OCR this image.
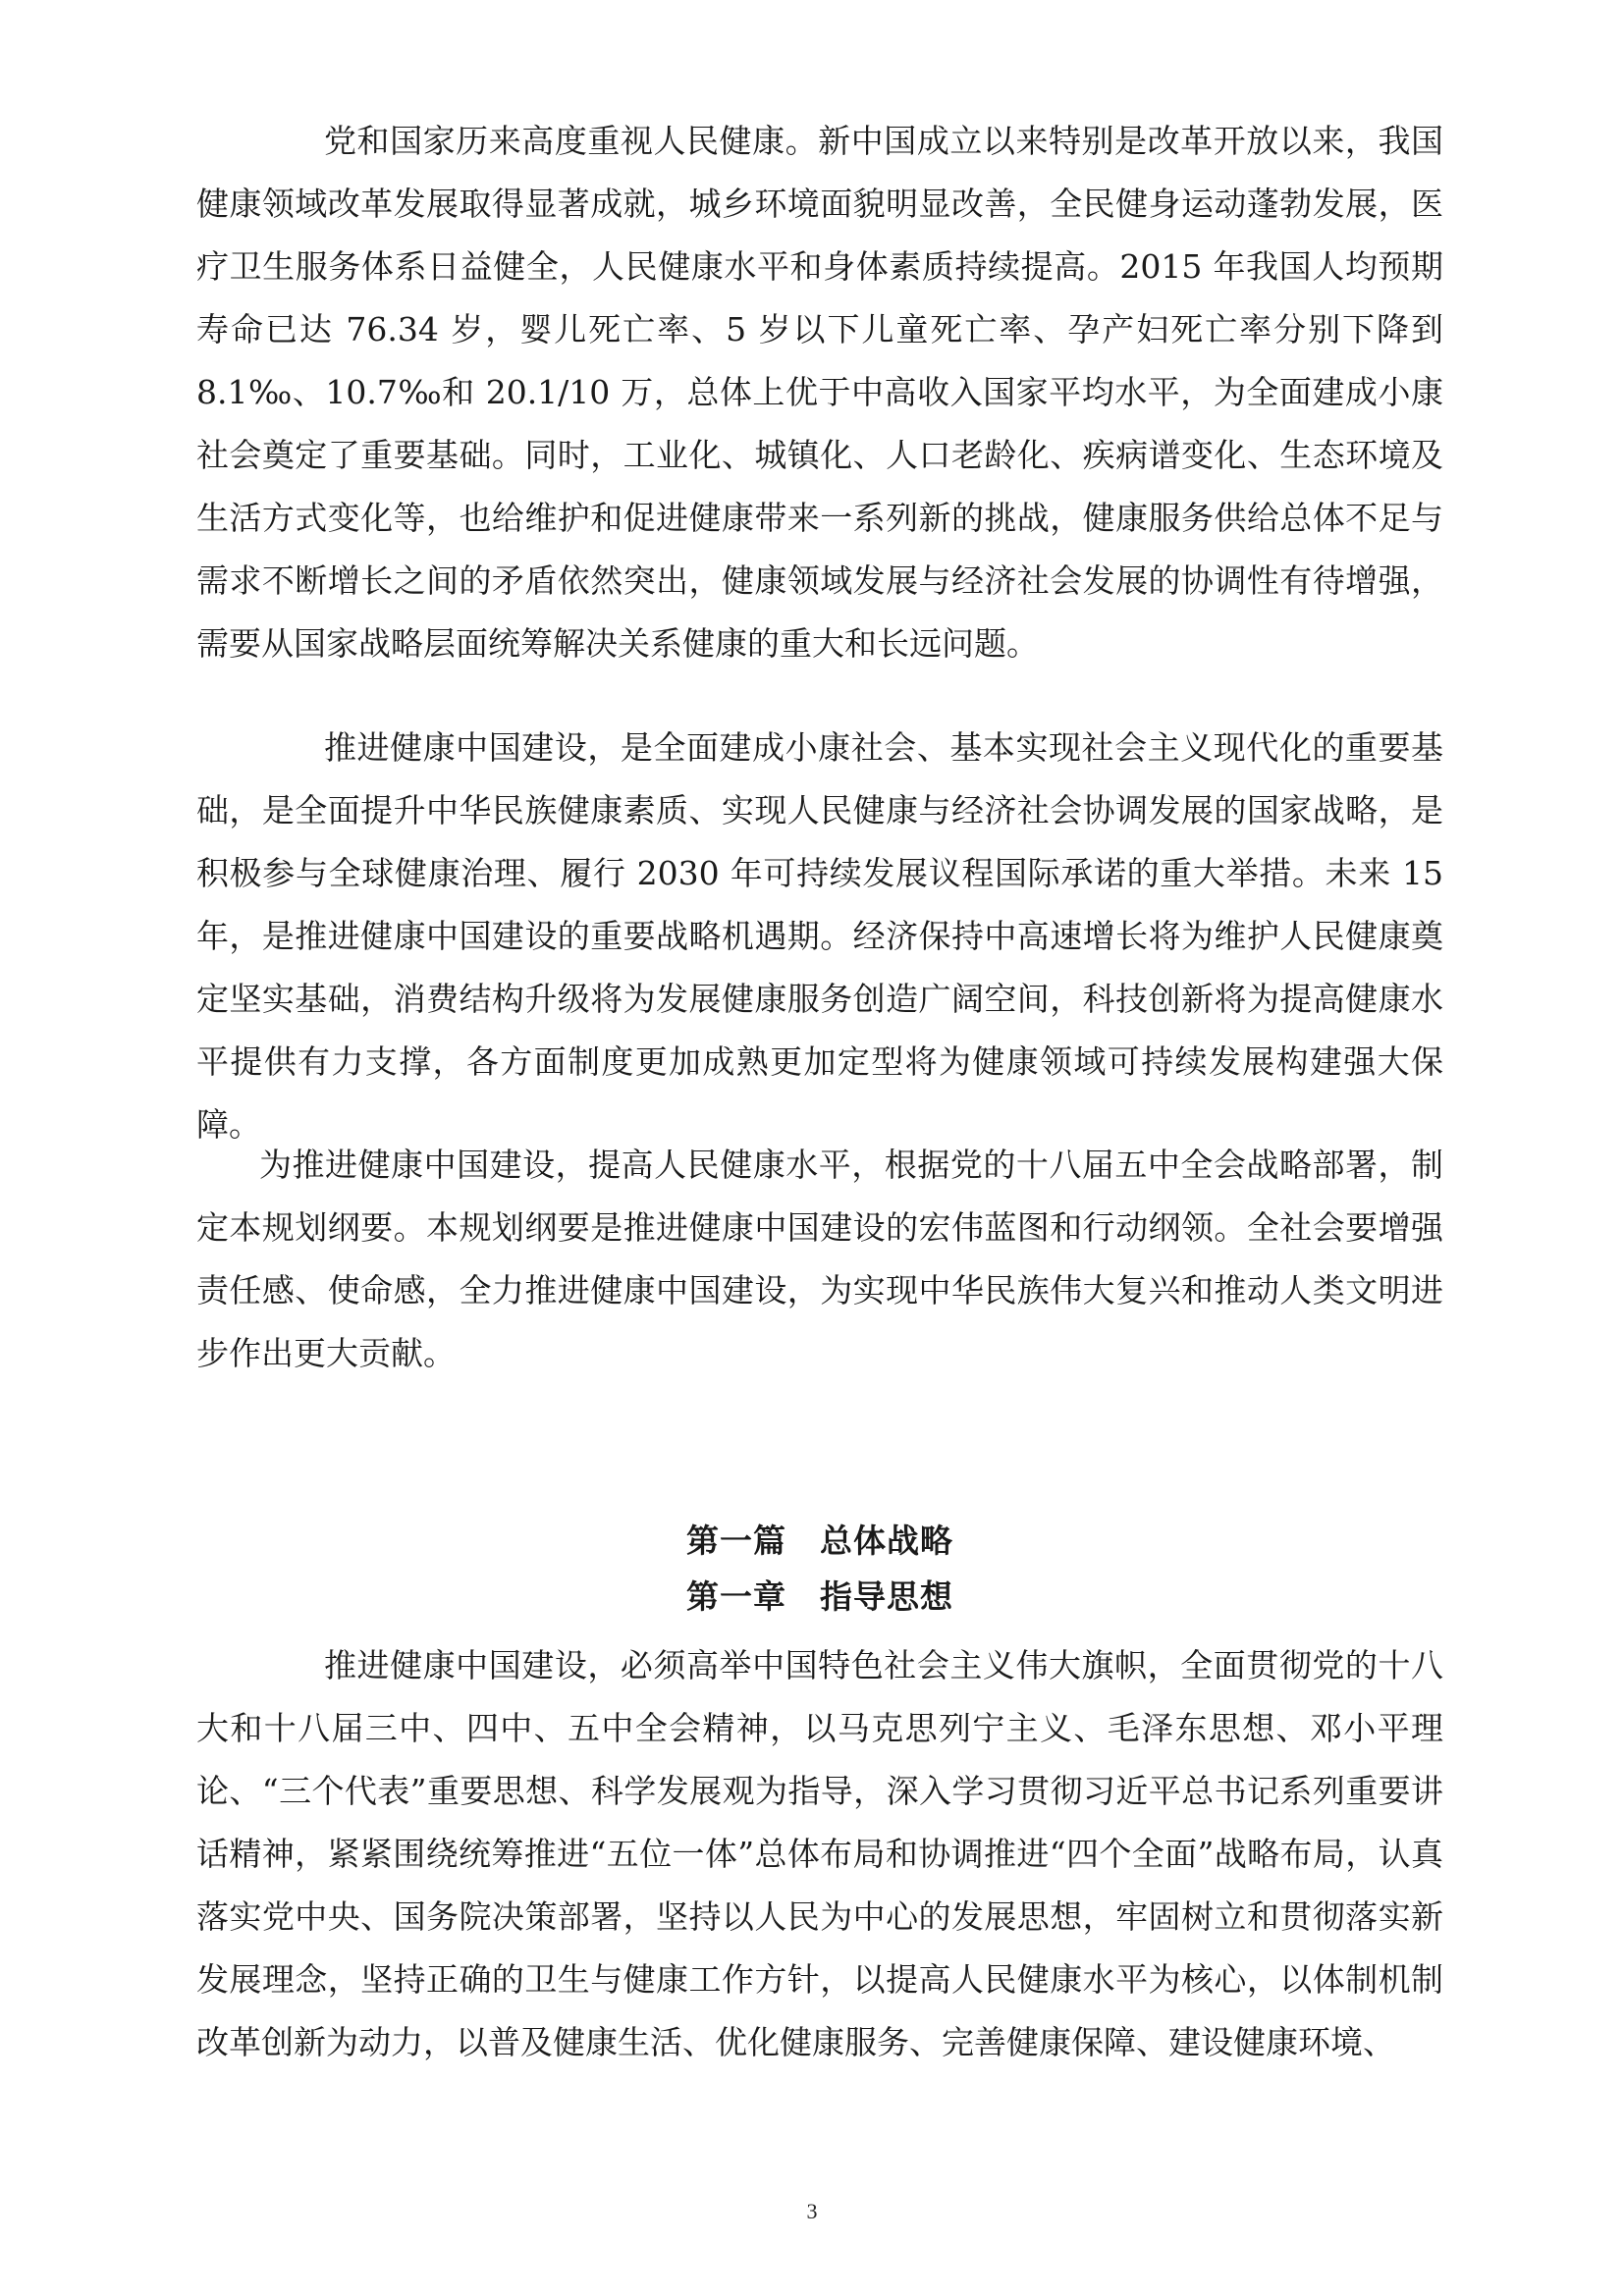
党和国家历来高度重视人民健康。新中国成立以来特别是改革开放以来，我国健康领域改革发展取得显著成就，城乡环境面貌明显改善，全民健身运动蓬勃发展，医疗卫生服务体系日益健全，人民健康水平和身体素质持续提高。2015 年我国人均预期寿命已达 76.34 岁，婴儿死亡率、5 岁以下儿童死亡率、孕产妇死亡率分别下降到 8.1‰、10.7‰和 20.1/10 万，总体上优于中高收入国家平均水平，为全面建成小康社会奠定了重要基础。同时，工业化、城镇化、人口老龄化、疾病谱变化、生态环境及生活方式变化等，也给维护和促进健康带来一系列新的挑战，健康服务供给总体不足与需求不断增长之间的矛盾依然突出，健康领域发展与经济社会发展的协调性有待增强，需要从国家战略层面统筹解决关系健康的重大和长远问题。

推进健康中国建设，是全面建成小康社会、基本实现社会主义现代化的重要基础，是全面提升中华民族健康素质、实现人民健康与经济社会协调发展的国家战略，是积极参与全球健康治理、履行 2030 年可持续发展议程国际承诺的重大举措。未来 15 年，是推进健康中国建设的重要战略机遇期。经济保持中高速增长将为维护人民健康奠定坚实基础，消费结构升级将为发展健康服务创造广阔空间，科技创新将为提高健康水平提供有力支撑，各方面制度更加成熟更加定型将为健康领域可持续发展构建强大保障。

为推进健康中国建设，提高人民健康水平，根据党的十八届五中全会战略部署，制定本规划纲要。本规划纲要是推进健康中国建设的宏伟蓝图和行动纲领。全社会要增强责任感、使命感，全力推进健康中国建设，为实现中华民族伟大复兴和推动人类文明进步作出更大贡献。

第一篇 总体战略
第一章 指导思想

推进健康中国建设，必须高举中国特色社会主义伟大旗帜，全面贯彻党的十八大和十八届三中、四中、五中全会精神，以马克思列宁主义、毛泽东思想、邓小平理论、“三个代表”重要思想、科学发展观为指导，深入学习贯彻习近平总书记系列重要讲话精神，紧紧围绕统筹推进“五位一体”总体布局和协调推进“四个全面”战略布局，认真落实党中央、国务院决策部署，坚持以人民为中心的发展思想，牢固树立和贯彻落实新发展理念，坚持正确的卫生与健康工作方针，以提高人民健康水平为核心，以体制机制改革创新为动力，以普及健康生活、优化健康服务、完善健康保障、建设健康环境、

3
